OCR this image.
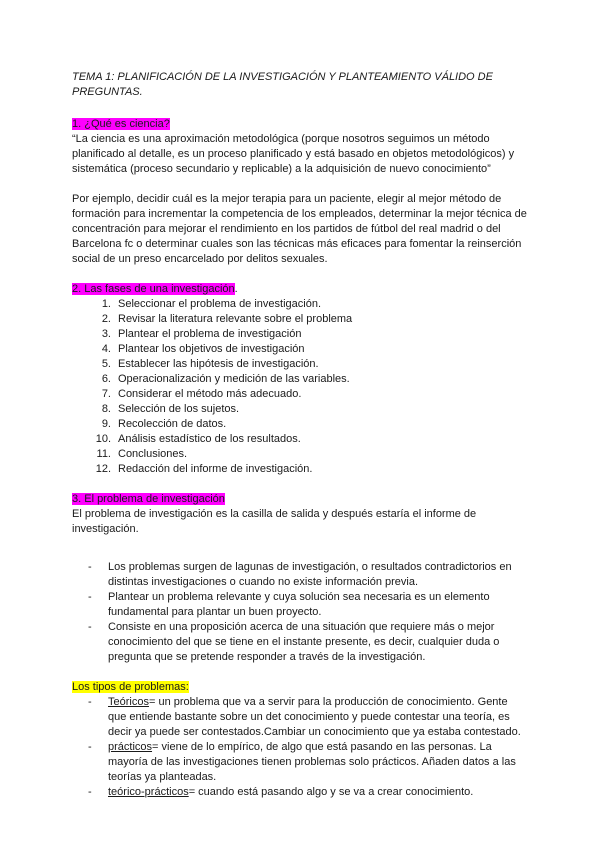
TEMA 1: PLANIFICACIÓN DE LA INVESTIGACIÓN Y PLANTEAMIENTO VÁLIDO DE PREGUNTAS.

1. ¿Qué es ciencia?

“La ciencia es una aproximación metodológica (porque nosotros seguimos un método planificado al detalle, es un proceso planificado y está basado en objetos metodológicos) y sistemática (proceso secundario y replicable) a la adquisición de nuevo conocimiento”

Por ejemplo, decidir cuál es la mejor terapia para un paciente, elegir al mejor método de formación para incrementar la competencia de los empleados, determinar la mejor técnica de concentración para mejorar el rendimiento en los partidos de fútbol del real madrid o del Barcelona fc o determinar cuales son las técnicas más eficaces para fomentar la reinserción social de un preso encarcelado por delitos sexuales.

2. Las fases de una investigación.

1. Seleccionar el problema de investigación.
2. Revisar la literatura relevante sobre el problema
3. Plantear el problema de investigación
4. Plantear los objetivos de investigación
5. Establecer las hipótesis de investigación.
6. Operacionalización y medición de las variables.
7. Considerar el método más adecuado.
8. Selección de los sujetos.
9. Recolección de datos.
10. Análisis estadístico de los resultados.
11. Conclusiones.
12. Redacción del informe de investigación.

3. El problema de investigación

El problema de investigación es la casilla de salida y después estaría el informe de investigación.

-	Los problemas surgen de lagunas de investigación, o resultados contradictorios en distintas investigaciones o cuando no existe información previa.
-	Plantear un problema relevante y cuya solución sea necesaria es un elemento fundamental para plantar un buen proyecto.
-	Consiste en una proposición acerca de una situación que requiere más o mejor conocimiento del que se tiene en el instante presente, es decir, cualquier duda o pregunta que se pretende responder a través de la investigación.

Los tipos de problemas:

-	Teóricos= un problema que va a servir para la producción de conocimiento. Gente que entiende bastante sobre un det conocimiento y puede contestar una teoría, es decir ya puede ser contestados.Cambiar un conocimiento que ya estaba contestado.
-	prácticos= viene de lo empírico, de algo que está pasando en las personas. La mayoría de las investigaciones tienen problemas solo prácticos. Añaden datos a las teorías ya planteadas.
-	teórico-prácticos= cuando está pasando algo y se va a crear conocimiento.
